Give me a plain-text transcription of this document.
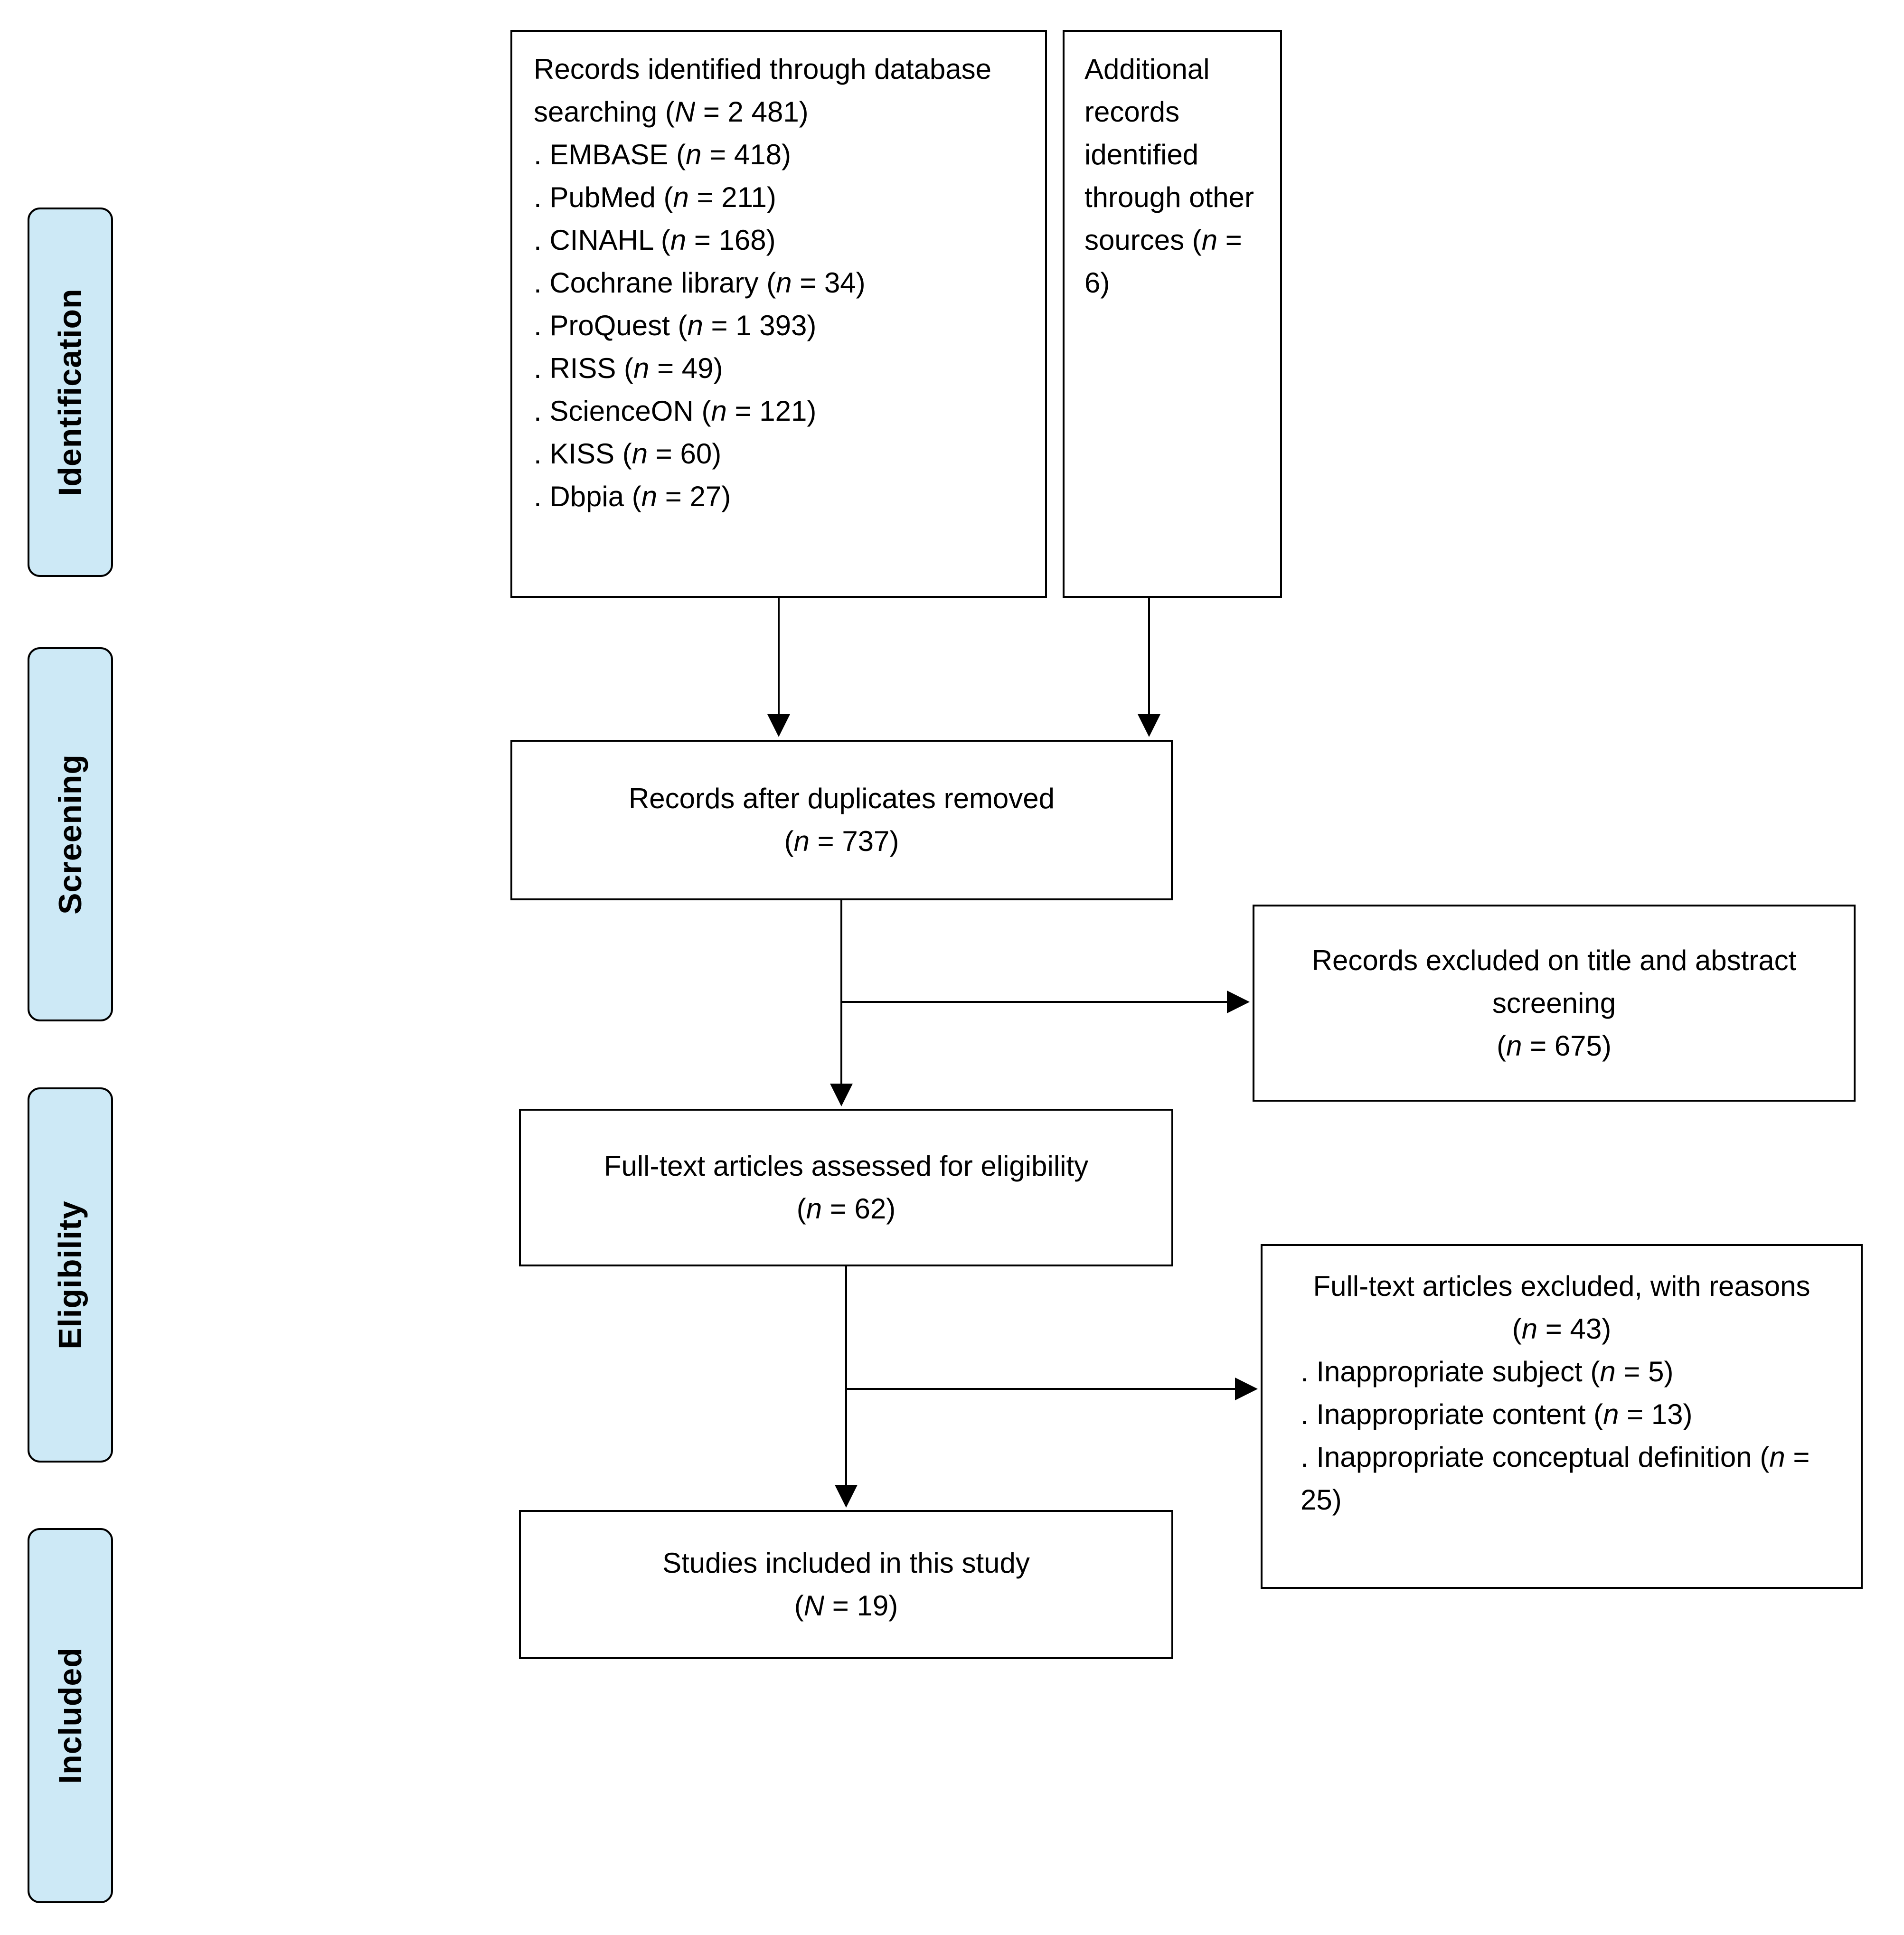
Identification
Screening
Eligibility
Included
Records identified through database searching (N = 2 481)
. EMBASE (n = 418)
. PubMed (n = 211)
. CINAHL (n = 168)
. Cochrane library (n = 34)
. ProQuest (n = 1 393)
. RISS (n = 49)
. ScienceON (n = 121)
. KISS (n = 60)
. Dbpia (n = 27)
Additional records identified through other sources (n = 6)
Records after duplicates removed
(n = 737)
Records excluded on title and abstract screening
(n = 675)
Full-text articles assessed for eligibility
(n = 62)
Full-text articles excluded, with reasons (n = 43)
. Inappropriate subject (n = 5)
. Inappropriate content (n = 13)
. Inappropriate conceptual definition (n = 25)
Studies included in this study
(N = 19)
